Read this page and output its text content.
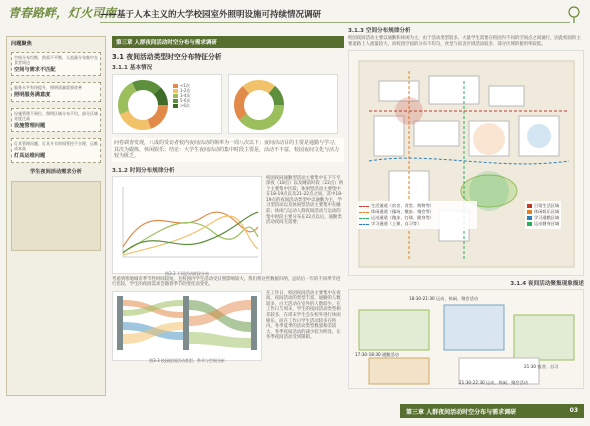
青春路畔，灯火司南
——基于人本主义的大学校园室外照明设施可持续情况调研
问题聚焦
空间分布均衡，供需不平衡，人流量分布集中在食堂周边
空间与需求不匹配
服务水平有待提升，照明质量需要改善
照明服务满意度
设施管理不到位，照明区域分布不均，部分区域亮度过高
设施管理问题
灯具管理问题，灯具开关时间管控不合理，运维成本高
灯具运维问题
学生夜间活动需求分析
第三章 人群夜间活动时空分布与需求调研
3.1 夜间活动类型时空分布特征分析
3.1.1 基本情况
<1次
1-2次
3-4次
5-6次
>6次
问卷调查发现，八成的受访者校内夜间活动的频率为一周八次以下；夜间活动目的主要是通勤与学习，其次为锻炼、休闲娱乐；结论：大学生夜间活动的集中时段主要是，活动不丰富，校园夜间文化与活力较为匮乏。
3.1.2 时间分布规律分析
图3-2 不同活动时段分布
校园夜间通勤型活动主要集中在下午至深夜（18点）以及睡前时段（22点）两个主要集中区段；休闲型活动主要集中在18-19点以及21-22点之间，其中18-19点的夜间活动类型中以通勤为主，学习型活动以及休闲型活动主要集中在睡前；休闲与运动人群夜间活动与运动的集中时段主要分布在22点以后，通勤类活动夜间无需要；
考虑到寒地城市季节性时间较短，且校园内学生活动受日照影响较大，我们将这些数据归纳，总结后一年的不同季节进行比较，学生的夜间需求会随着季节的变化而变化。
图3-3 校园夜间活动类型、季节与空间分析
在工作日，校园夜间活动主要集中在夜间，夜间活动的类型丰富，通勤的人数较多，白天活动在室外的人数较少。在工作日与周末，学生的夜间活动类型相差较多，在周末学生会在校外进行休闲娱乐，而在工作日学生活动较多在校内。冬季夏季的活动类型数量相差较大，冬季夜间活动的减少较为明显，在冬季夜间活动受到限制。
3.1.3 空间分布规律分析
校园夜间活动主要以通勤和休闲为主，由于活动类型较多，大量学生需要在校园内不同的空间点之间通行，因此校园的主要道路上人流量较大，而校园空间的分布不均匀，食堂与宿舍区域活动较多，部分区域的使用率较低。
生活通道（宿舍、食堂、购物等）
休闲通道（操场、散步、聚会等）
运动通道（跑步、打球、健身等）
学习通道（上课、自习等）
日常生活区域
休闲娱乐区域
学习通勤区域
运动健身区域
3.1.4 夜间活动聚集现象描述
18:30-21:30 运动、休闲、聚会活动
17:30-18:30 通勤活动
21:30 宿舍、自习
21:30-22:30 运动、休闲、聚会活动
第三章 人群夜间活动时空分布与需求调研	03
